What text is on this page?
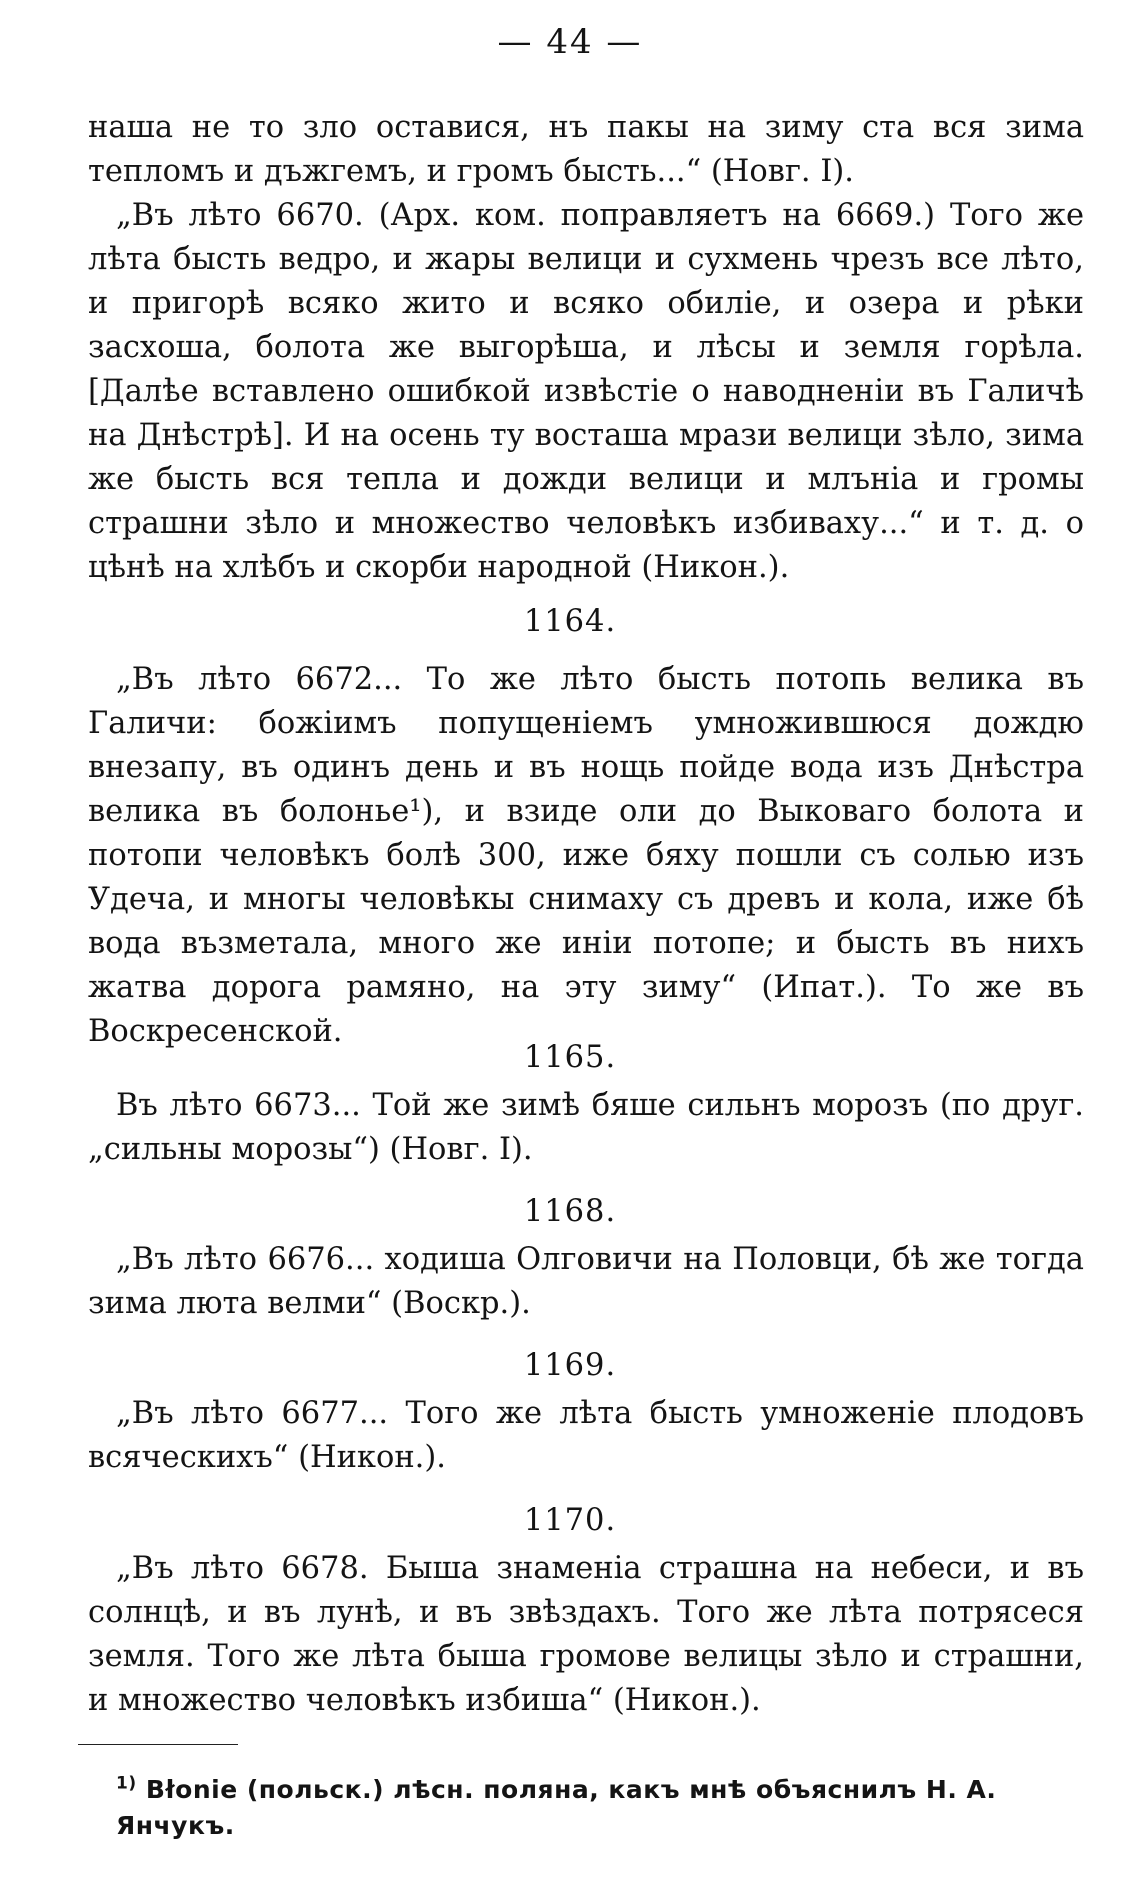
— 44 —

наша не то зло оставися, нъ пакы на зиму ста вся зима тепломъ и дъжгемъ, и громъ бысть...“ (Новг. I).

„Въ лѣто 6670. (Арх. ком. поправляетъ на 6669.) Того же лѣта бысть ведро, и жары велици и сухмень чрезъ все лѣто, и пригорѣ всяко жито и всяко обиліе, и озера и рѣки засхоша, болота же выгорѣша, и лѣсы и земля горѣла. [Далѣе вставлено ошибкой извѣстіе о наводненіи въ Галичѣ на Днѣстрѣ]. И на осень ту восташа мрази велици зѣло, зима же бысть вся тепла и дожди велици и млъніа и громы страшни зѣло и множество человѣкъ избиваху...“ и т. д. о цѣнѣ на хлѣбъ и скорби народной (Никон.).

1164.

„Въ лѣто 6672... То же лѣто бысть потопь велика въ Галичи: божіимъ попущеніемъ умножившюся дождю внезапу, въ одинъ день и въ нощь пойде вода изъ Днѣстра велика въ болонье¹), и взиде оли до Выковаго болота и потопи человѣкъ болѣ 300, иже бяху пошли съ солью изъ Удеча, и многы человѣкы снимаху съ древъ и кола, иже бѣ вода възметала, много же иніи потопе; и бысть въ нихъ жатва дорога рамяно, на эту зиму“ (Ипат.). То же въ Воскресенской.

1165.

Въ лѣто 6673... Той же зимѣ бяше сильнъ морозъ (по друг. „сильны морозы“) (Новг. I).

1168.

„Въ лѣто 6676... ходиша Олговичи на Половци, бѣ же тогда зима люта велми“ (Воскр.).

1169.

„Въ лѣто 6677... Того же лѣта бысть умноженіе плодовъ всяческихъ“ (Никон.).

1170.

„Въ лѣто 6678. Быша знаменіа страшна на небеси, и въ солнцѣ, и въ лунѣ, и въ звѣздахъ. Того же лѣта потрясеся земля. Того же лѣта быша громове велицы зѣло и страшни, и множество человѣкъ избиша“ (Никон.).

$^{1)}$ Błonie (польск.) лѣсн. поляна, какъ мнѣ объяснилъ Н. А. Янчукъ.
